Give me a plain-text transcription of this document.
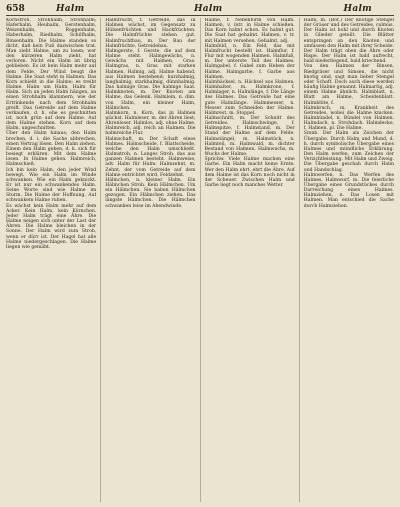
658	Halm	Halm	Halm

Kornstroh, Strohhalm, Strohhalm; Haferhalm, Heuhalm, Gerstenhalm, Weizenhalm, Roggenhalm, Haberhalm, Riedhalm, Schilfhalm, Binsenhalm. Die Halme standen so dicht, daß kein Fuß dazwischen trat. Man zieht Halme, um zu losen; wer den kürzeren Halm zieht, hat verloren. Nicht ein Halm ist übrig geblieben. Es ist kein Halm mehr auf dem Felde. Der Wind beugt die Halme. Die Saat steht in Halmen. Das Korn schießt in die Halme; es treibt Halme. Halm um Halm, Halm für Halm. Sich an jeden Halm hängen, an einen Strohhalm klammern, wie der Ertrinkende nach dem Strohhalm greift. Das Getreide auf dem Halme verkaufen, d. h. ehe es geschnitten ist, noch grün auf dem Halme. Auf dem Halme stehen. Korn auf dem Halm, ungeschnitten.

Über den Halm hinaus; den Halm brechen, d. i. die Sache abbrechen, einen Vertrag lösen. Den Halm ziehen. Einem den Halm geben, d. h. sich für besiegt erklären. Mit dem Halme losen. In Halme gehen. Halmreich, Halmschieß.

Ich bin kein Halm, den jeder Wind bewegt. Wie ein Halm im Winde schwanken. Wie ein Halm geknickt. Er ist nur ein schwankendes Halm. Seine Worte sind wie Halme im Sturm. Die Halme der Hoffnung. Auf schwankem Halme ruhen.

Es wächst kein Halm mehr auf dem Acker. Kein Halm, kein Körnchen. Jeder Halm trägt eine Ähre. Die Halme neigen sich unter der Last der Ähren. Die Halme bleichen in der Sonne. Der Halm wird zum Stroh, wenn er dürr ist. Der Hagel hat alle Halme niedergeschlagen. Die Halme liegen wie gemäht.

Halmfrucht, f. Getreide, das in Halmen wächst, im Gegensatz zu Hülsenfrüchten und Hackfrüchten. Die Halmfrüchte stehen gut. Halmfruchtbau, m. Der Bau der Halmfrüchte, Getreidebau.

Halmgerste, f. Gerste, die auf dem Halme steht. Halmgewächs, n. Gewächs mit Halmen, Gras. Halmgras, n. Gras mit starken Halmen. Halmig, adj. Halme habend, aus Halmen bestehend; kurzhalmig, langhalmig, starkhalmig, dünnhalmig. Das halmige Gras. Die halmige Saat. Halmknoten, m. Der Knoten am Halme, das Gelenk. Halmlein, n. dim. von Halm, ein kleiner Halm, Hälmchen.

Halmkorn, n. Korn, das in Halmen wächst. Halmleser, m. der Ähren liest; Ährenleser. Halmlos, adj. ohne Halme. Halmreich, adj. reich an Halmen. Die halmreiche Flur.

Halmschaft, m. Der Schaft eines Halmes. Halmscheide, f. Blattscheide, welche den Halm umschließt. Halmstroh, n. Langes Stroh, das aus ganzen Halmen besteht. Halmweise, adv. Halm für Halm. Halmzehnt, m. Zehnt, der vom Getreide auf dem Halme entrichtet wird, Feldzehnt.

Hälmchen, n. kleiner Halm. Ein Hälmchen Stroh. Kein Hälmchen. Um ein Hälmchen. Sie haben Hälmchen gezogen. Ein Hälmchen ziehen. Das längste Hälmchen. Die Hälmchen schwanken leise im Abendwinde.

Halme, f. Nebenform von Halm. Halmen, v. intr. in Halme schießen. Das Korn halmt schon. Es halmt gut. Die Saat hat gehalmt. Halmen, v. tr. mit Halmen versehen. Gehalmt, adj.

Halmfeld, n. Ein Feld, das mit Halmfrucht bestellt ist. Halmflur, f. Flur mit wogenden Halmen. Halmfuß, m. Der unterste Teil des Halmes. Halmgabel, f. Gabel zum Heben der Halme. Halmgarbe, f. Garbe aus Halmen.

Halmhäcksel, n. Häcksel aus Halmen. Halmhalter, m. Halmkrone, f. Halmlager, n. Halmlänge, f. Die Länge des Halmes. Das Getreide hat eine gute Halmlänge. Halmmesser, n. Messer zum Schneiden der Halme. Halmrest, m. Stoppel.

Halmschnitt, m. Der Schnitt des Getreides. Halmschwinge, f. Halmspitze, f. Halmstand, m. Der Stand der Halme auf dem Felde. Halmstängel, m. Halmstück, n. Halmteil, m. Halmwald, m. dichter Bestand von Halmen. Halmwuchs, m. Wuchs der Halme.

Sprichw. Viele Halme machen eine Garbe. Ein Halm macht keine Ernte. Wer den Halm ehrt, ehrt die Ähre. Auf dem Halme ist das Korn noch nicht in der Scheuer. Zwischen Halm und Garbe liegt noch manches Wetter.

Halm, m. (Bot.) Der knotige Stengel der Gräser und des Getreides, culmus. Der Halm ist hohl und durch Knoten in Glieder geteilt. Die Blätter entspringen an den Knoten und umfassen den Halm mit ihrer Scheide. Der Halm trägt oben die Ähre oder Rispe. Der Halm ist bald aufrecht, bald niederliegend, bald kriechend.

Von den Halmen der Binsen, Riedgräser und Simsen, die nicht knotig sind, sagt man lieber Stengel oder Schaft. Doch auch diese werden häufig Halme genannt. Halmartig, adj. einem Halme ähnlich. Halmblatt, n. Blatt am Halme, Scheidenblatt. Halmblüte, f.

Halmbruch, m. Krankheit des Getreides, wobei die Halme knicken. Halmbündel, n. Bündel von Halmen. Halmdach, n. Strohdach. Halmdecke, f. Halmen, pl. Die Halme.

Sinnb. Der Halm als Zeichen der Übergabe. Durch Halm und Mund, d. h. durch symbolische Übergabe eines Halmes und mündliche Erklärung. Den Halm werfen, zum Zeichen der Verzichtleistung. Mit Halm und Zweig. Die Übergabe geschah durch Halm und Handschlag.

Halmwerfen, n. Das Werfen des Halmes. Halmwurf, m. Die feierliche Übergabe eines Grundstückes durch Darreichung eines Halmes. Halmziehen, n. Das Losen mit Halmen. Man entschied die Sache durch Halmziehen.
